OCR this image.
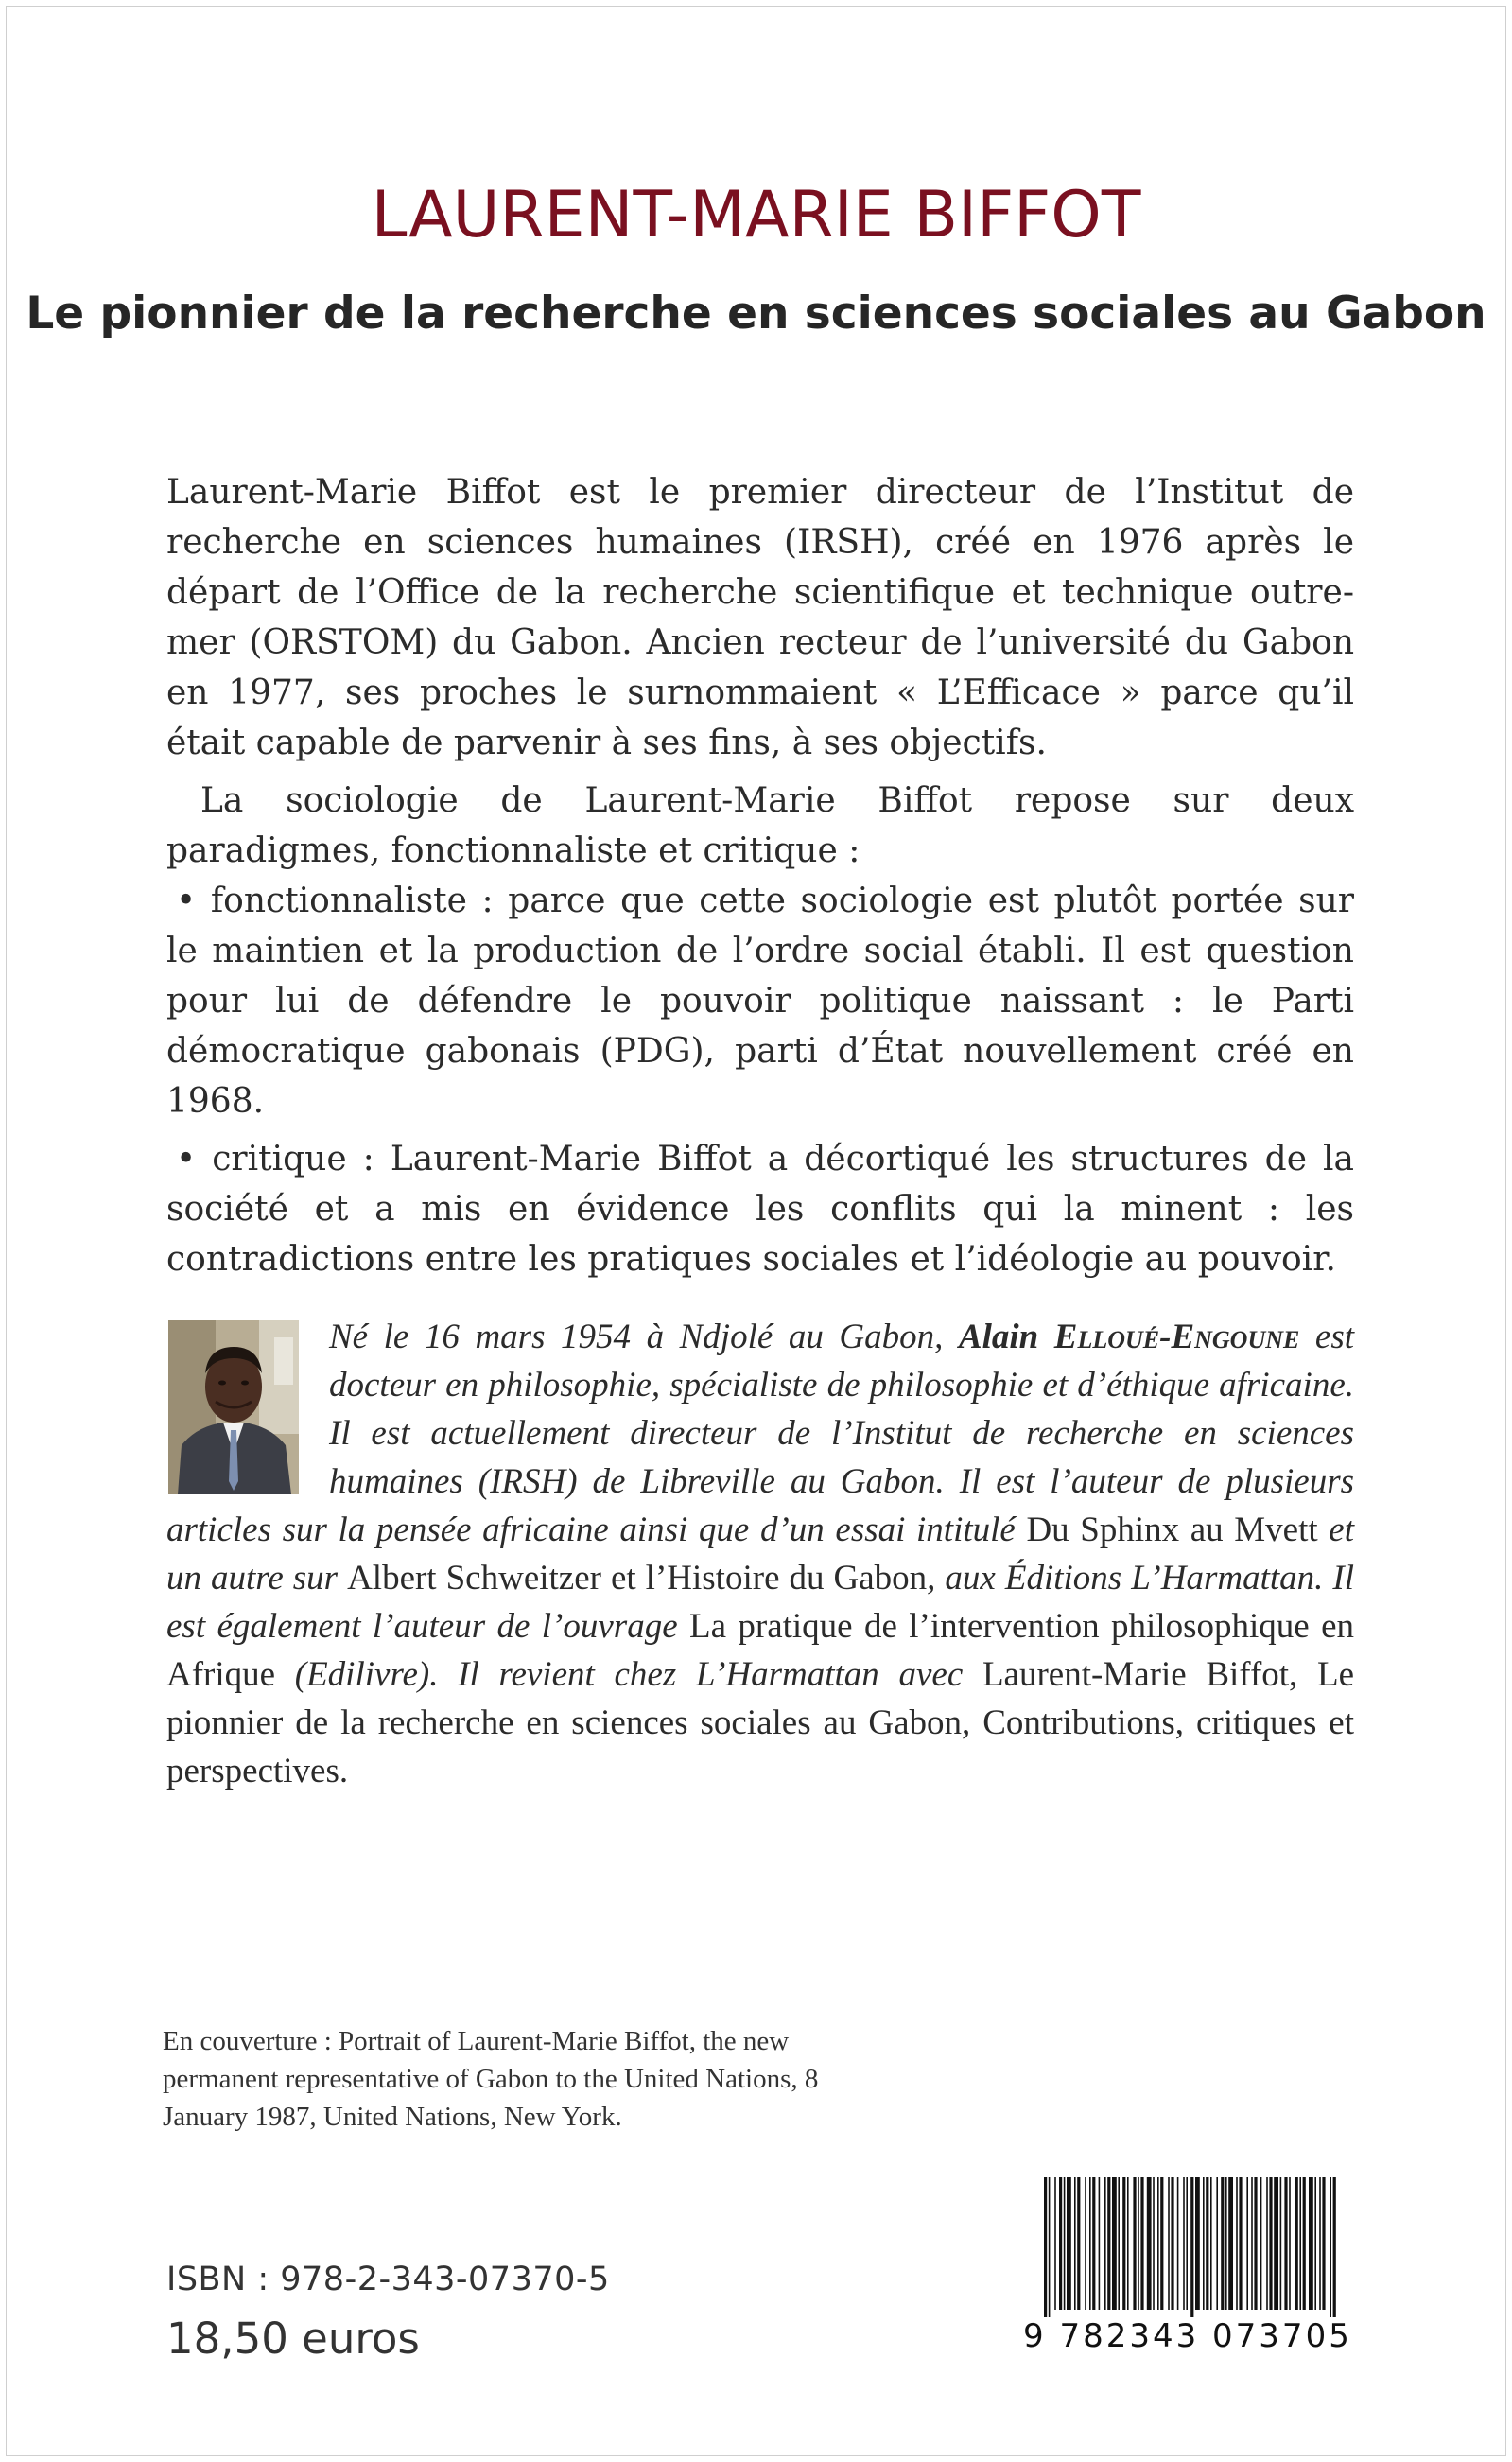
LAURENT-MARIE BIFFOT
Le pionnier de la recherche en sciences sociales au Gabon

Laurent-Marie Biffot est le premier directeur de l’Institut de recherche en sciences humaines (IRSH), créé en 1976 après le départ de l’Office de la recherche scientifique et technique outre-mer (ORSTOM) du Gabon. Ancien recteur de l’université du Gabon en 1977, ses proches le surnommaient « L’Efficace » parce qu’il était capable de parvenir à ses fins, à ses objectifs.

La sociologie de Laurent-Marie Biffot repose sur deux paradigmes, fonctionnaliste et critique :

• fonctionnaliste : parce que cette sociologie est plutôt portée sur le maintien et la production de l’ordre social établi. Il est question pour lui de défendre le pouvoir politique naissant : le Parti démocratique gabonais (PDG), parti d’État nouvellement créé en 1968.

• critique : Laurent-Marie Biffot a décortiqué les structures de la société et a mis en évidence les conflits qui la minent : les contradictions entre les pratiques sociales et l’idéologie au pouvoir.

Né le 16 mars 1954 à Ndjolé au Gabon, Alain Elloué-Engoune est docteur en philosophie, spécialiste de philosophie et d’éthique africaine. Il est actuellement directeur de l’Institut de recherche en sciences humaines (IRSH) de Libreville au Gabon. Il est l’auteur de plusieurs articles sur la pensée africaine ainsi que d’un essai intitulé Du Sphinx au Mvett et un autre sur Albert Schweitzer et l’Histoire du Gabon, aux Éditions L’Harmattan. Il est également l’auteur de l’ouvrage La pratique de l’intervention philosophique en Afrique (Edilivre). Il revient chez L’Harmattan avec Laurent-Marie Biffot, Le pionnier de la recherche en sciences sociales au Gabon, Contributions, critiques et perspectives.

En couverture : Portrait of Laurent-Marie Biffot, the new permanent representative of Gabon to the United Nations, 8 January 1987, United Nations, New York.

ISBN : 978-2-343-07370-5
18,50 euros	9 782343 073705
